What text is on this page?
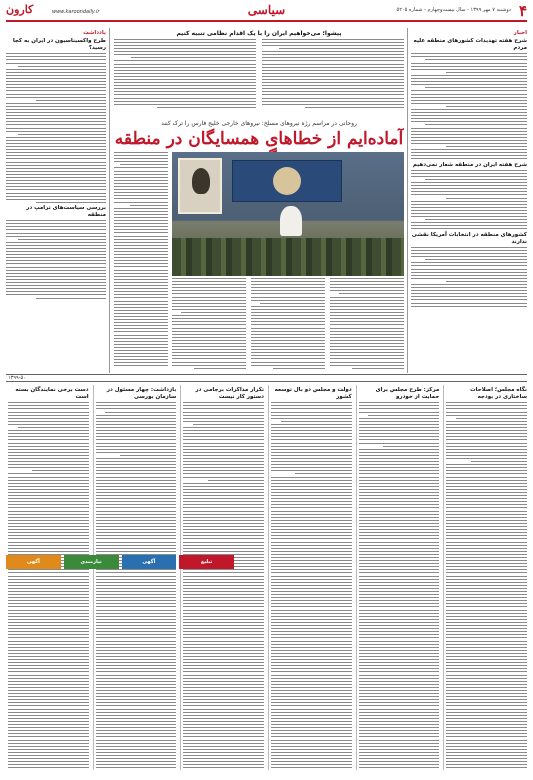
۴
دوشنبه ۷ مهر ۱۳۹۹ - سال بیست‌وچهارم - شماره ۵۲۰۵
سیاسی
www.karoondaily.ir
کارون
اخبار
شرح هفته تهدیدات کشورهای منطقه علیه مردم
شرح هفته ایران در منطقه شعار نمی‌دهیم
کشورهای منطقه در انتخابات آمریکا نقشی ندارند
پیشوا؛ می‌خواهیم ایران را با یک اقدام نظامی تنبیه کنیم
روحانی در مراسم رژه نیروهای مسلح: نیروهای خارجی خلیج فارس را ترک کنند
آماده‌ایم از خطاهای همسایگان در منطقه
یادداشت
طرح واکسیناسیون در ایران به کجا رسید؟
بررسی سیاست‌های ترامپ در منطقه
۱۳۹۹-۵۰
نگاه مجلس؛ اصلاحات ساختاری در بودجه
مرکز: طرح مجلس برای حمایت از خودرو
دولت و مجلس دو بال توسعه کشور
تکرار مذاکرات برجامی در دستور کار نیست
بازداشت: چهار مسئول در سازمان بورسی
دست برخی نمایندگان بسته است
تبلیغ
آگهی
نیازمندی
آگهی
